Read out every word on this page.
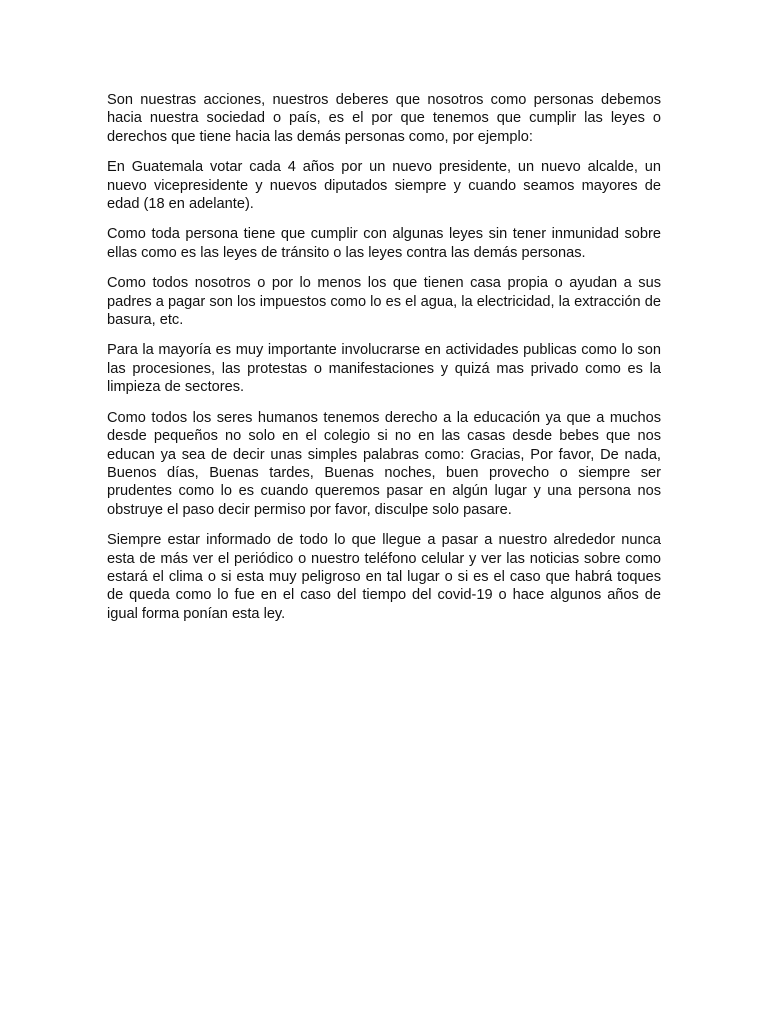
Son nuestras acciones, nuestros deberes que nosotros como personas debemos hacia nuestra sociedad o país, es el por que tenemos que cumplir las leyes o derechos que tiene hacia las demás personas como, por ejemplo:

En Guatemala votar cada 4 años por un nuevo presidente, un nuevo alcalde, un nuevo vicepresidente y nuevos diputados siempre y cuando seamos mayores de edad (18 en adelante).

Como toda persona tiene que cumplir con algunas leyes sin tener inmunidad sobre ellas como es las leyes de tránsito o las leyes contra las demás personas.

Como todos nosotros o por lo menos los que tienen casa propia o ayudan a sus padres a pagar son los impuestos como lo es el agua, la electricidad, la extracción de basura, etc.

Para la mayoría es muy importante involucrarse en actividades publicas como lo son las procesiones, las protestas o manifestaciones y quizá mas privado como es la limpieza de sectores.

Como todos los seres humanos tenemos derecho a la educación ya que a muchos desde pequeños no solo en el colegio si no en las casas desde bebes que nos educan ya sea de decir unas simples palabras como: Gracias, Por favor, De nada, Buenos días, Buenas tardes, Buenas noches, buen provecho o siempre ser prudentes como lo es cuando queremos pasar en algún lugar y una persona nos obstruye el paso decir permiso por favor, disculpe solo pasare.

Siempre estar informado de todo lo que llegue a pasar a nuestro alrededor nunca esta de más ver el periódico o nuestro teléfono celular y ver las noticias sobre como estará el clima o si esta muy peligroso en tal lugar o si es el caso que habrá toques de queda como lo fue en el caso del tiempo del covid-19 o hace algunos años de igual forma ponían esta ley.
